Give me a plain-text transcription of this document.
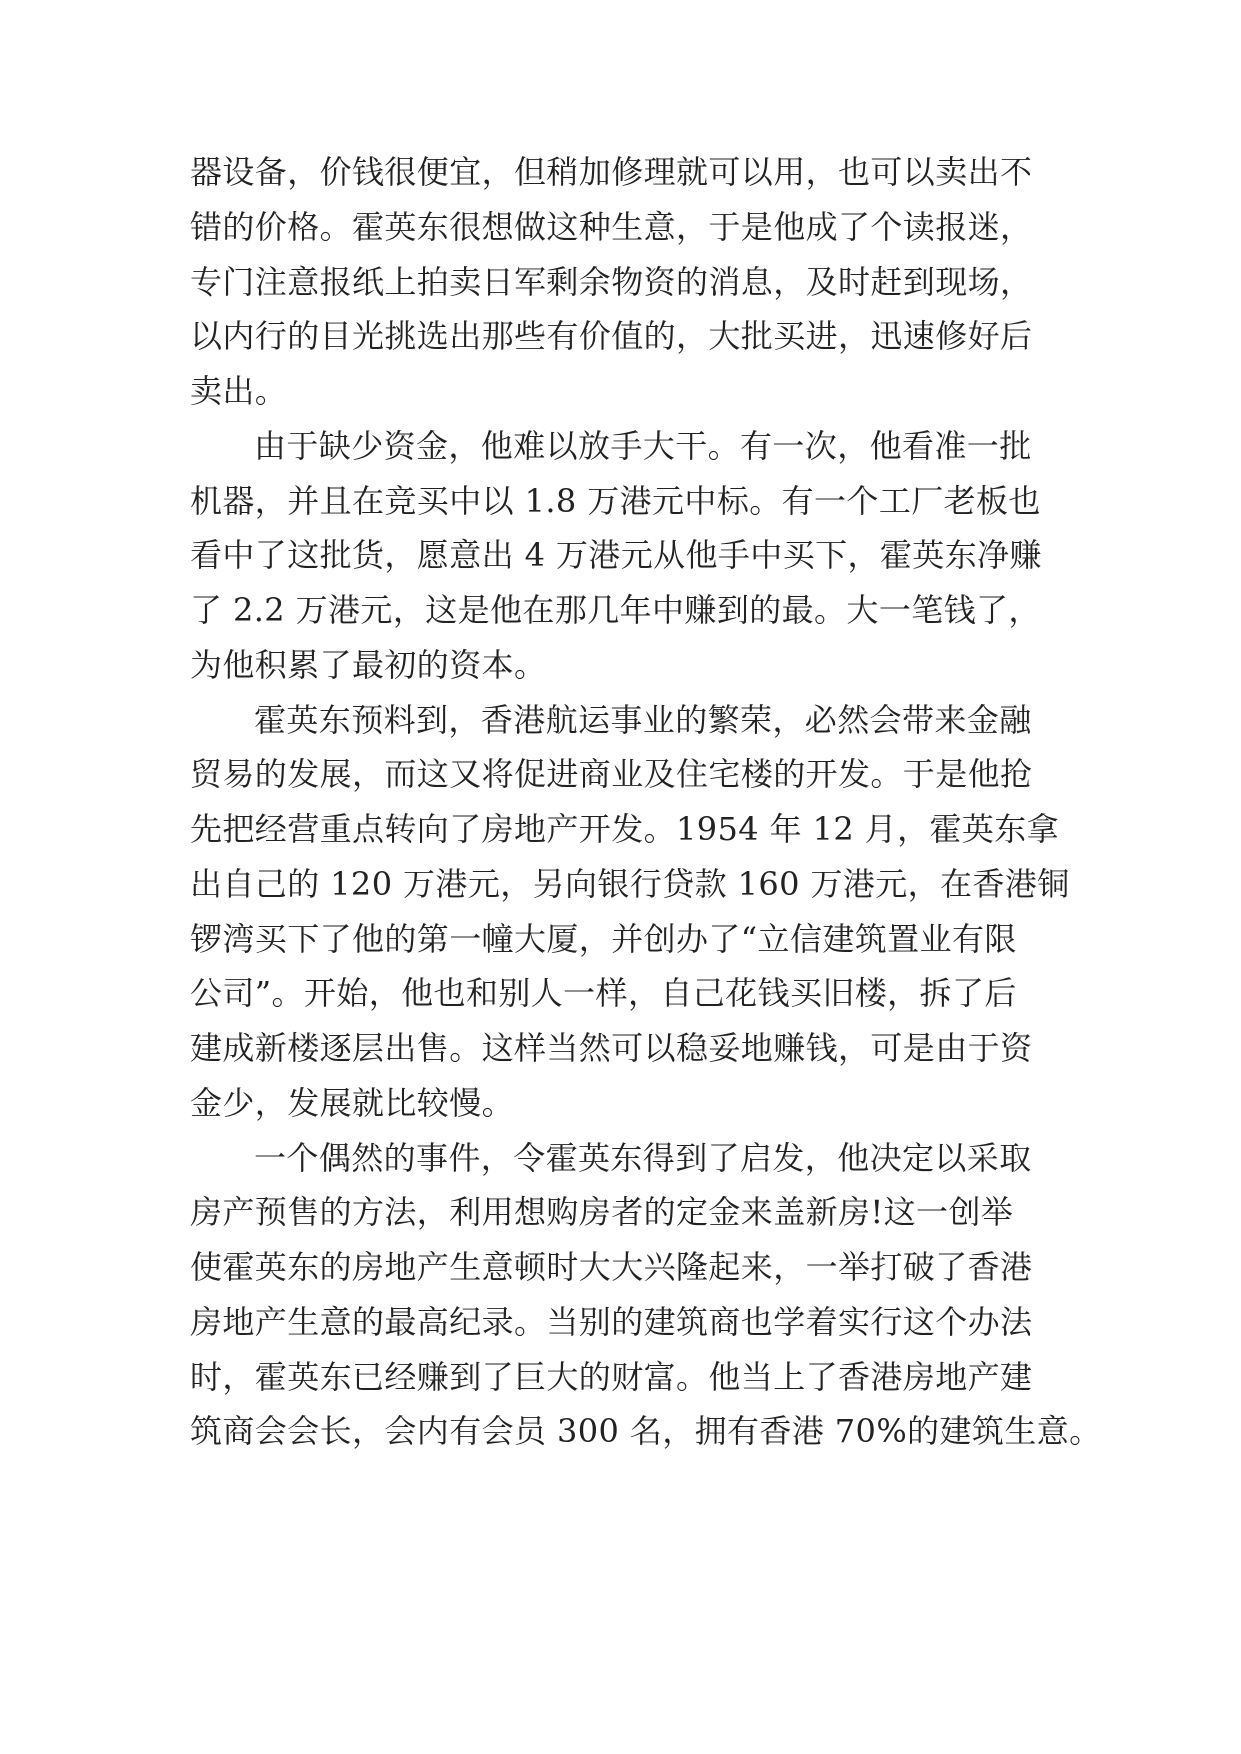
器设备，价钱很便宜，但稍加修理就可以用，也可以卖出不
错的价格。霍英东很想做这种生意，于是他成了个读报迷，
专门注意报纸上拍卖日军剩余物资的消息，及时赶到现场，
以内行的目光挑选出那些有价值的，大批买进，迅速修好后
卖出。
由于缺少资金，他难以放手大干。有一次，他看准一批
机器，并且在竞买中以 1.8 万港元中标。有一个工厂老板也
看中了这批货，愿意出 4 万港元从他手中买下，霍英东净赚
了 2.2 万港元，这是他在那几年中赚到的最。大一笔钱了，
为他积累了最初的资本。
霍英东预料到，香港航运事业的繁荣，必然会带来金融
贸易的发展，而这又将促进商业及住宅楼的开发。于是他抢
先把经营重点转向了房地产开发。1954 年 12 月，霍英东拿
出自己的 120 万港元，另向银行贷款 160 万港元，在香港铜
锣湾买下了他的第一幢大厦，并创办了“立信建筑置业有限
公司”。开始，他也和别人一样，自己花钱买旧楼，拆了后
建成新楼逐层出售。这样当然可以稳妥地赚钱，可是由于资
金少，发展就比较慢。
一个偶然的事件，令霍英东得到了启发，他决定以采取
房产预售的方法，利用想购房者的定金来盖新房!这一创举
使霍英东的房地产生意顿时大大兴隆起来，一举打破了香港
房地产生意的最高纪录。当别的建筑商也学着实行这个办法
时，霍英东已经赚到了巨大的财富。他当上了香港房地产建
筑商会会长，会内有会员 300 名，拥有香港 70%的建筑生意。
